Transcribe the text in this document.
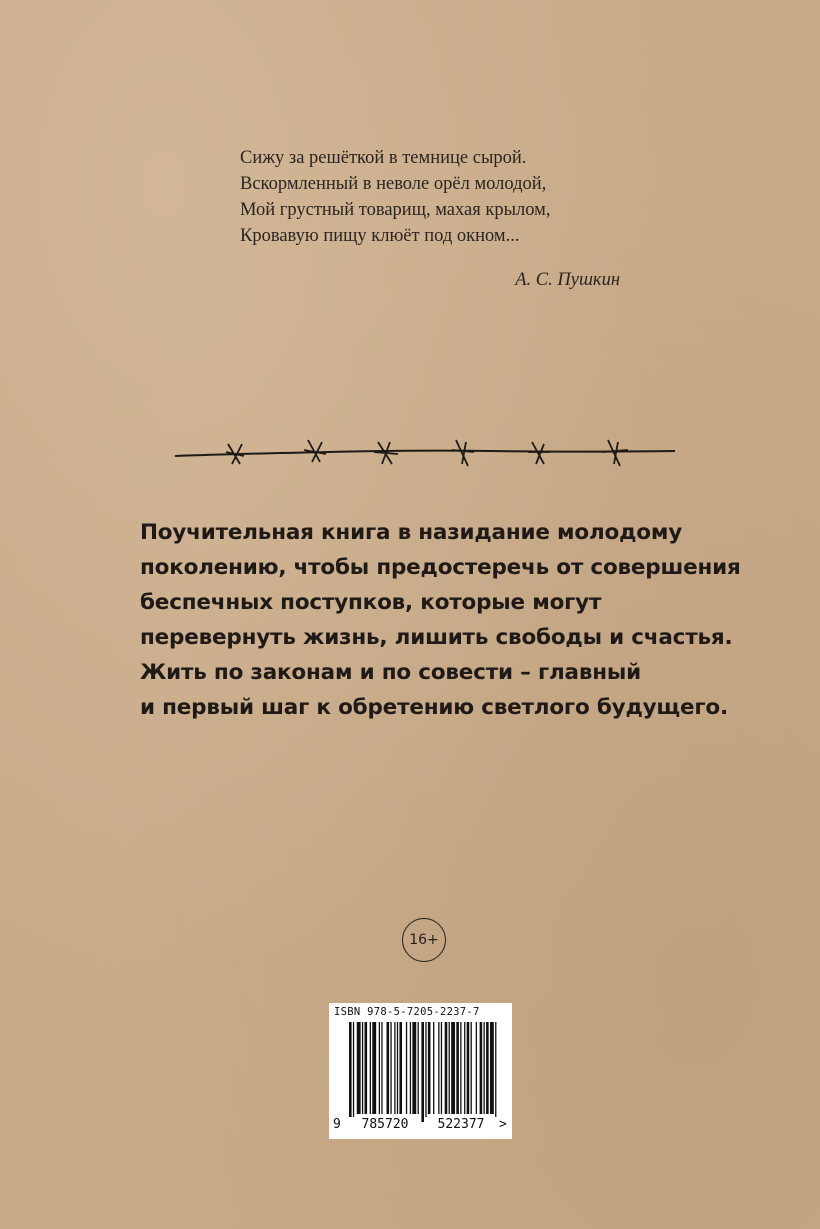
Сижу за решёткой в темнице сырой.
Вскормленный в неволе орёл молодой,
Мой грустный товарищ, махая крылом,
Кровавую пищу клюёт под окном...
А. С. Пушкин
Поучительная книга в назидание молодому
поколению, чтобы предостеречь от совершения
беспечных поступков, которые могут
перевернуть жизнь, лишить свободы и счастья.
Жить по законам и по совести – главный
и первый шаг к обретению светлого будущего.
16+
ISBN 978-5-7205-2237-7
9 785720 522377 >
